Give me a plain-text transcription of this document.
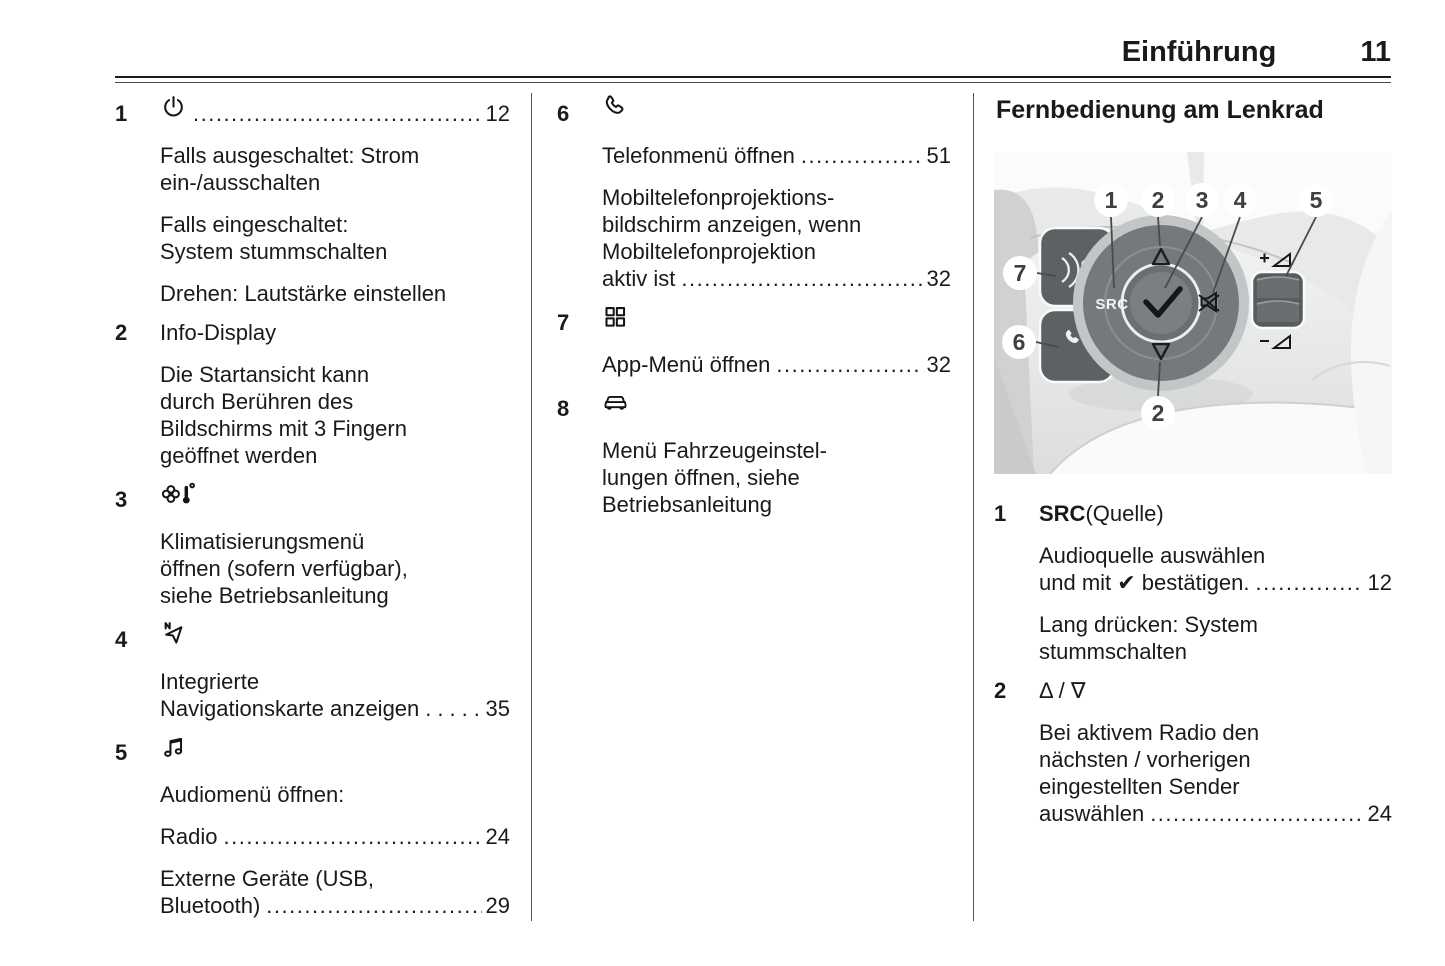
Einführung	11
1 .....	12
Falls ausgeschaltet: Strom
ein-/ausschalten
Falls eingeschaltet:
System stummschalten
Drehen: Lautstärke einstellen
2	Info-Display
Die Startansicht kann
durch Berühren des
Bildschirms mit 3 Fingern
geöffnet werden
3
Klimatisierungsmenü
öffnen (sofern verfügbar),
siehe Betriebsanleitung
4
Integrierte
Navigationskarte anzeigen .....	35
5
Audiomenü öffnen:
Radio .....	24
Externe Geräte (USB,
Bluetooth) .....	29
6
Telefonmenü öffnen .....	51
Mobiltelefonprojektions-
bildschirm anzeigen, wenn
Mobiltelefonprojektion
aktiv ist .....	32
7
App-Menü öffnen .....	32
8
Menü Fahrzeugeinstel-
lungen öffnen, siehe
Betriebsanleitung
Fernbedienung am Lenkrad
SRC
1	2	3	4	5
7
6
2
1	SRC (Quelle)
Audioquelle auswählen
und mit ✔ bestätigen. .....	12
Lang drücken: System
stummschalten
2	Δ / ∇
Bei aktivem Radio den
nächsten / vorherigen
eingestellten Sender
auswählen .....	24
